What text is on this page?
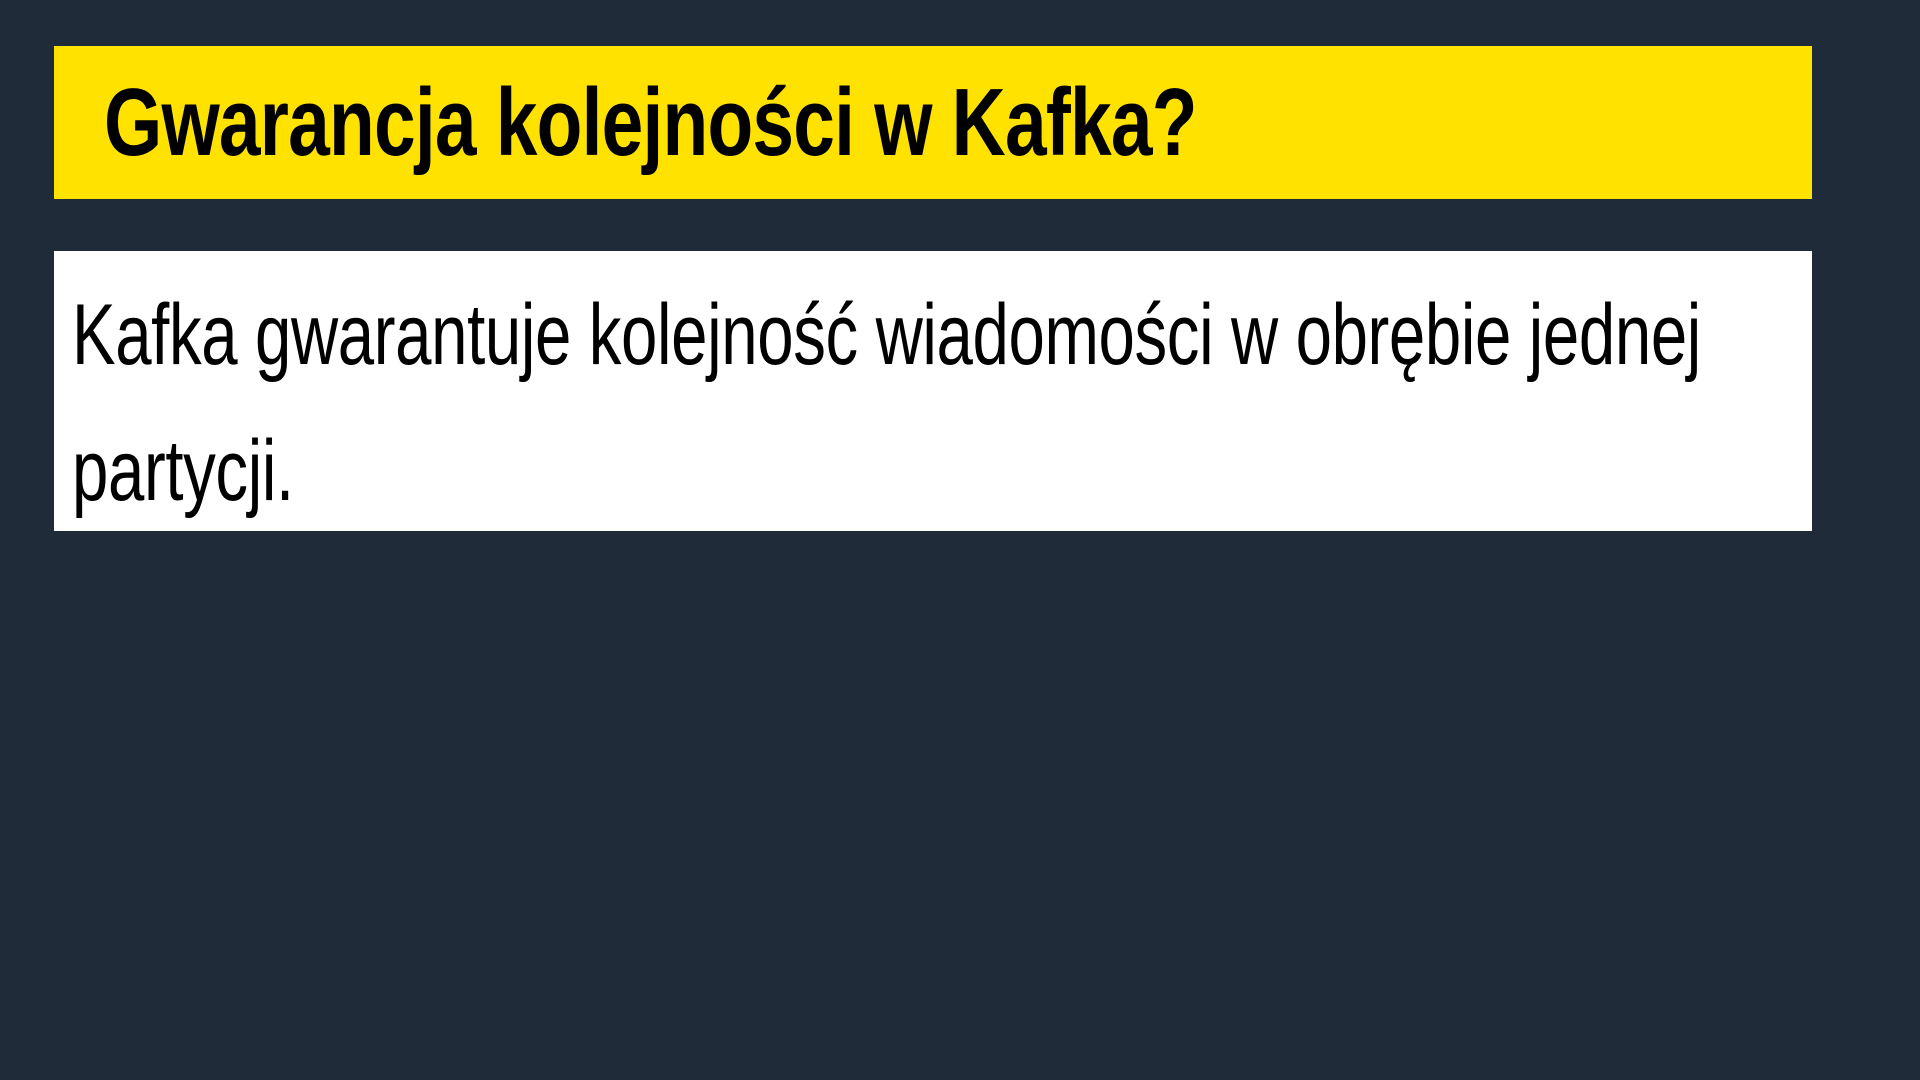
Gwarancja kolejności w Kafka?
Kafka gwarantuje kolejność wiadomości w obrębie jednej partycji.
